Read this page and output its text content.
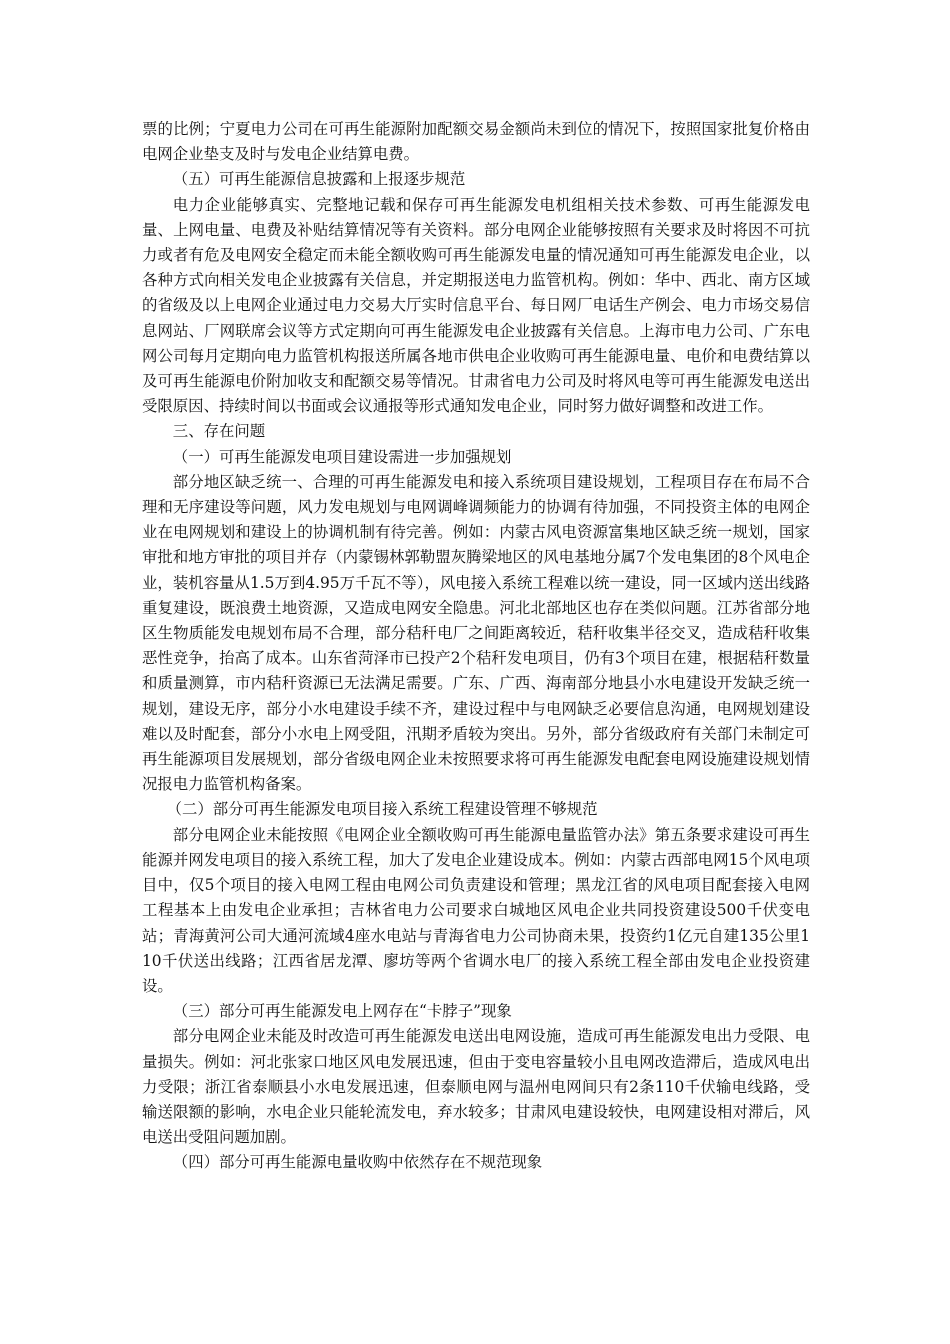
票的比例；宁夏电力公司在可再生能源附加配额交易金额尚未到位的情况下，按照国家批复价格由电网企业垫支及时与发电企业结算电费。

（五）可再生能源信息披露和上报逐步规范

电力企业能够真实、完整地记载和保存可再生能源发电机组相关技术参数、可再生能源发电量、上网电量、电费及补贴结算情况等有关资料。部分电网企业能够按照有关要求及时将因不可抗力或者有危及电网安全稳定而未能全额收购可再生能源发电量的情况通知可再生能源发电企业，以各种方式向相关发电企业披露有关信息，并定期报送电力监管机构。例如：华中、西北、南方区域的省级及以上电网企业通过电力交易大厅实时信息平台、每日网厂电话生产例会、电力市场交易信息网站、厂网联席会议等方式定期向可再生能源发电企业披露有关信息。上海市电力公司、广东电网公司每月定期向电力监管机构报送所属各地市供电企业收购可再生能源电量、电价和电费结算以及可再生能源电价附加收支和配额交易等情况。甘肃省电力公司及时将风电等可再生能源发电送出受限原因、持续时间以书面或会议通报等形式通知发电企业，同时努力做好调整和改进工作。

三、存在问题

（一）可再生能源发电项目建设需进一步加强规划

部分地区缺乏统一、合理的可再生能源发电和接入系统项目建设规划，工程项目存在布局不合理和无序建设等问题，风力发电规划与电网调峰调频能力的协调有待加强，不同投资主体的电网企业在电网规划和建设上的协调机制有待完善。例如：内蒙古风电资源富集地区缺乏统一规划，国家审批和地方审批的项目并存（内蒙锡林郭勒盟灰腾梁地区的风电基地分属7个发电集团的8个风电企业，装机容量从1.5万到4.95万千瓦不等），风电接入系统工程难以统一建设，同一区域内送出线路重复建设，既浪费土地资源，又造成电网安全隐患。河北北部地区也存在类似问题。江苏省部分地区生物质能发电规划布局不合理，部分秸秆电厂之间距离较近，秸秆收集半径交叉，造成秸秆收集恶性竞争，抬高了成本。山东省菏泽市已投产2个秸秆发电项目，仍有3个项目在建，根据秸秆数量和质量测算，市内秸秆资源已无法满足需要。广东、广西、海南部分地县小水电建设开发缺乏统一规划，建设无序，部分小水电建设手续不齐，建设过程中与电网缺乏必要信息沟通，电网规划建设难以及时配套，部分小水电上网受阻，汛期矛盾较为突出。另外，部分省级政府有关部门未制定可再生能源项目发展规划，部分省级电网企业未按照要求将可再生能源发电配套电网设施建设规划情况报电力监管机构备案。

（二）部分可再生能源发电项目接入系统工程建设管理不够规范

部分电网企业未能按照《电网企业全额收购可再生能源电量监管办法》第五条要求建设可再生能源并网发电项目的接入系统工程，加大了发电企业建设成本。例如：内蒙古西部电网15个风电项目中，仅5个项目的接入电网工程由电网公司负责建设和管理；黑龙江省的风电项目配套接入电网工程基本上由发电企业承担；吉林省电力公司要求白城地区风电企业共同投资建设500千伏变电站；青海黄河公司大通河流域4座水电站与青海省电力公司协商未果，投资约1亿元自建135公里110千伏送出线路；江西省居龙潭、廖坊等两个省调水电厂的接入系统工程全部由发电企业投资建设。

（三）部分可再生能源发电上网存在“卡脖子”现象

部分电网企业未能及时改造可再生能源发电送出电网设施，造成可再生能源发电出力受限、电量损失。例如：河北张家口地区风电发展迅速，但由于变电容量较小且电网改造滞后，造成风电出力受限；浙江省泰顺县小水电发展迅速，但泰顺电网与温州电网间只有2条110千伏输电线路，受输送限额的影响，水电企业只能轮流发电，弃水较多；甘肃风电建设较快，电网建设相对滞后，风电送出受阻问题加剧。

（四）部分可再生能源电量收购中依然存在不规范现象
